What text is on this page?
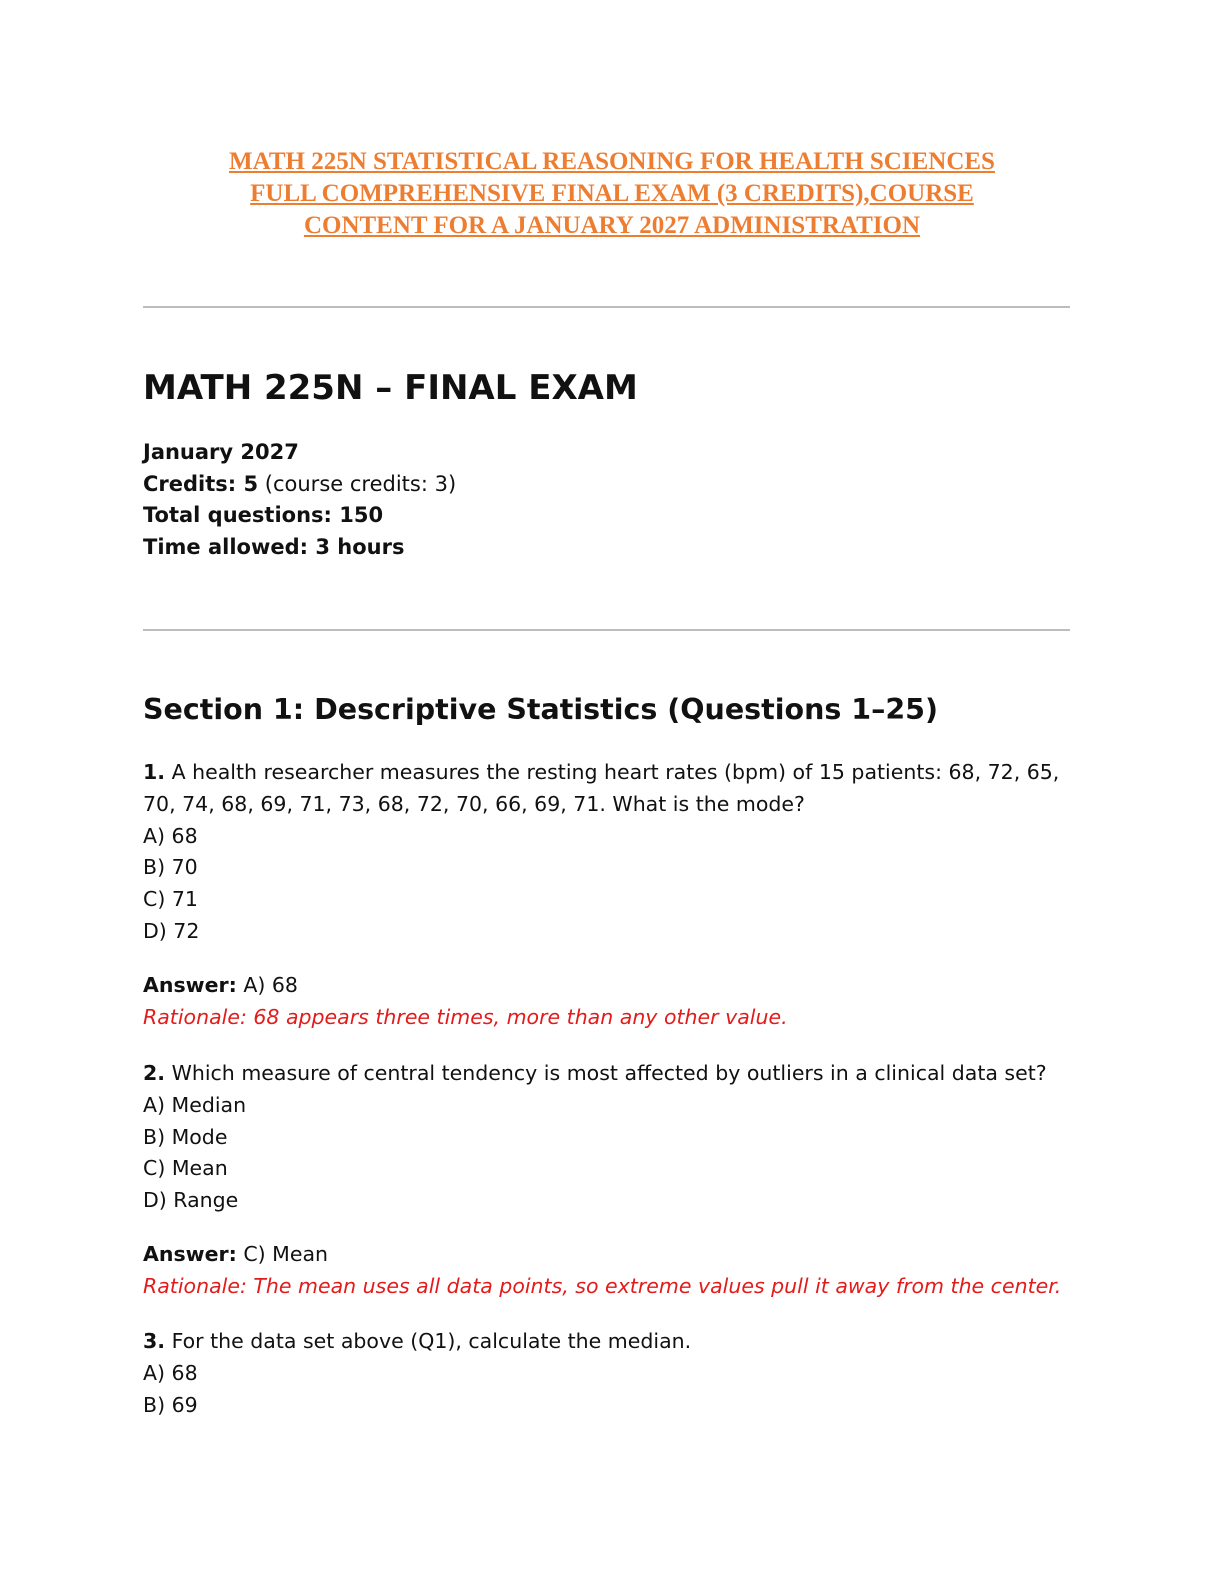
MATH 225N STATISTICAL REASONING FOR HEALTH SCIENCES
FULL COMPREHENSIVE FINAL EXAM (3 CREDITS),COURSE
CONTENT FOR A JANUARY 2027 ADMINISTRATION
MATH 225N – FINAL EXAM
January 2027
Credits: 5 (course credits: 3)
Total questions: 150
Time allowed: 3 hours
Section 1: Descriptive Statistics (Questions 1–25)
1. A health researcher measures the resting heart rates (bpm) of 15 patients: 68, 72, 65,
70, 74, 68, 69, 71, 73, 68, 72, 70, 66, 69, 71. What is the mode?
A) 68
B) 70
C) 71
D) 72
Answer: A) 68
Rationale: 68 appears three times, more than any other value.
2. Which measure of central tendency is most affected by outliers in a clinical data set?
A) Median
B) Mode
C) Mean
D) Range
Answer: C) Mean
Rationale: The mean uses all data points, so extreme values pull it away from the center.
3. For the data set above (Q1), calculate the median.
A) 68
B) 69
